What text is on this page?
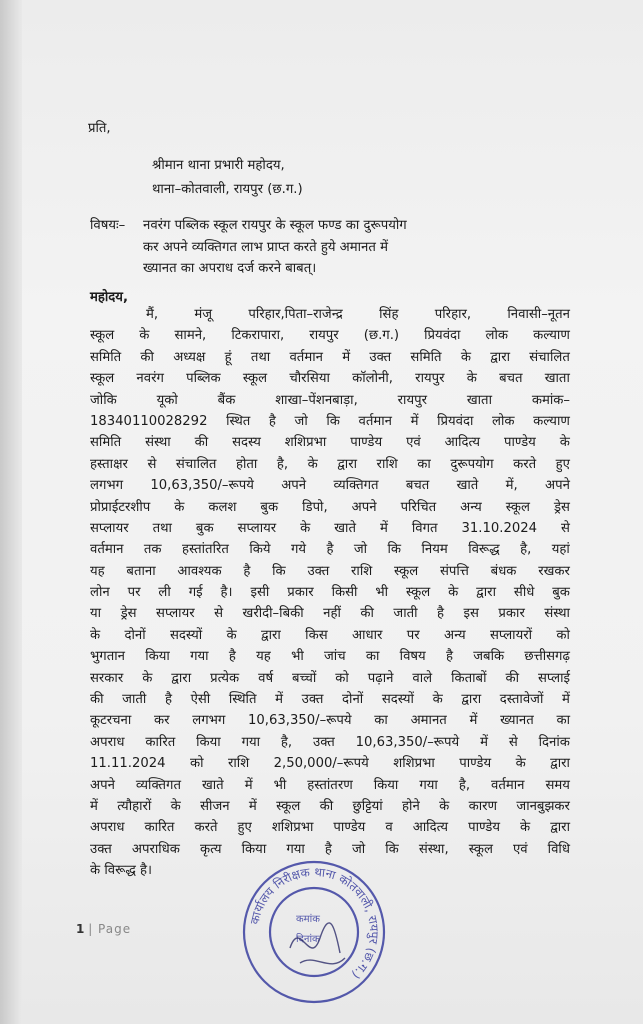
प्रति,
श्रीमान थाना प्रभारी महोदय,
थाना–कोतवाली, रायपुर (छ.ग.)
विषयः– नवरंग पब्लिक स्कूल रायपुर के स्कूल फण्ड का दुरूपयोग
कर अपने व्यक्तिगत लाभ प्राप्त करते हुये अमानत में
ख्यानत का अपराध दर्ज करने बाबत्।
महोदय,
मैं,	मंजू	परिहार,पिता–राजेन्द्र	सिंह	परिहार,	निवासी–नूतन
स्कूल के सामने, टिकरापारा, रायपुर (छ.ग.) प्रियवंदा लोक कल्याण
समिति की अध्यक्ष हूं तथा वर्तमान में उक्त समिति के द्वारा संचालित
स्कूल नवरंग पब्लिक स्कूल चौरसिया कॉलोनी, रायपुर के बचत खाता
जोकि	यूको	बैंक	शाखा–पेंशनबाड़ा,	रायपुर	खाता	कमांक–
18340110028292 स्थित है जो कि वर्तमान में प्रियवंदा लोक कल्याण
समिति संस्था की सदस्य शशिप्रभा पाण्डेय एवं आदित्य पाण्डेय के
हस्ताक्षर से संचालित होता है, के द्वारा राशि का दुरूपयोग करते हुए
लगभग 10,63,350/–रूपये अपने व्यक्तिगत बचत खाते में, अपने
प्रोप्राईटरशीप के कलश बुक डिपो, अपने परिचित अन्य स्कूल ड्रेस
सप्लायर तथा बुक सप्लायर के खाते में विगत 31.10.2024 से
वर्तमान तक हस्तांतरित किये गये है जो कि नियम विरूद्ध है, यहां
यह बताना आवश्यक है कि उक्त राशि स्कूल संपत्ति बंधक रखकर
लोन पर ली गई है। इसी प्रकार किसी भी स्कूल के द्वारा सीधे बुक
या ड्रेस सप्लायर से खरीदी–बिकी नहीं की जाती है इस प्रकार संस्था
के दोनों सदस्यों के द्वारा किस आधार पर अन्य सप्लायरों को
भुगतान किया गया है यह भी जांच का विषय है जबकि छत्तीसगढ़
सरकार के द्वारा प्रत्येक वर्ष बच्चों को पढ़ाने वाले किताबों की सप्लाई
की जाती है ऐसी स्थिति में उक्त दोनों सदस्यों के द्वारा दस्तावेजों में
कूटरचना कर लगभग 10,63,350/–रूपये का अमानत में ख्यानत का
अपराध कारित किया गया है, उक्त 10,63,350/–रूपये में से दिनांक
11.11.2024 को राशि 2,50,000/–रूपये शशिप्रभा पाण्डेय के द्वारा
अपने व्यक्तिगत खाते में भी हस्तांतरण किया गया है, वर्तमान समय
में त्यौहारों के सीजन में स्कूल की छुट्टियां होने के कारण जानबुझकर
अपराध कारित करते हुए शशिप्रभा पाण्डेय व आदित्य पाण्डेय के द्वारा
उक्त अपराधिक कृत्य किया गया है जो कि संस्था, स्कूल एवं विधि
के विरूद्ध है।
1 | Page
कार्यालय निरीक्षक थाना कोतवाली, रायपुर (छ.ग.)
कमांक
दिनांक
